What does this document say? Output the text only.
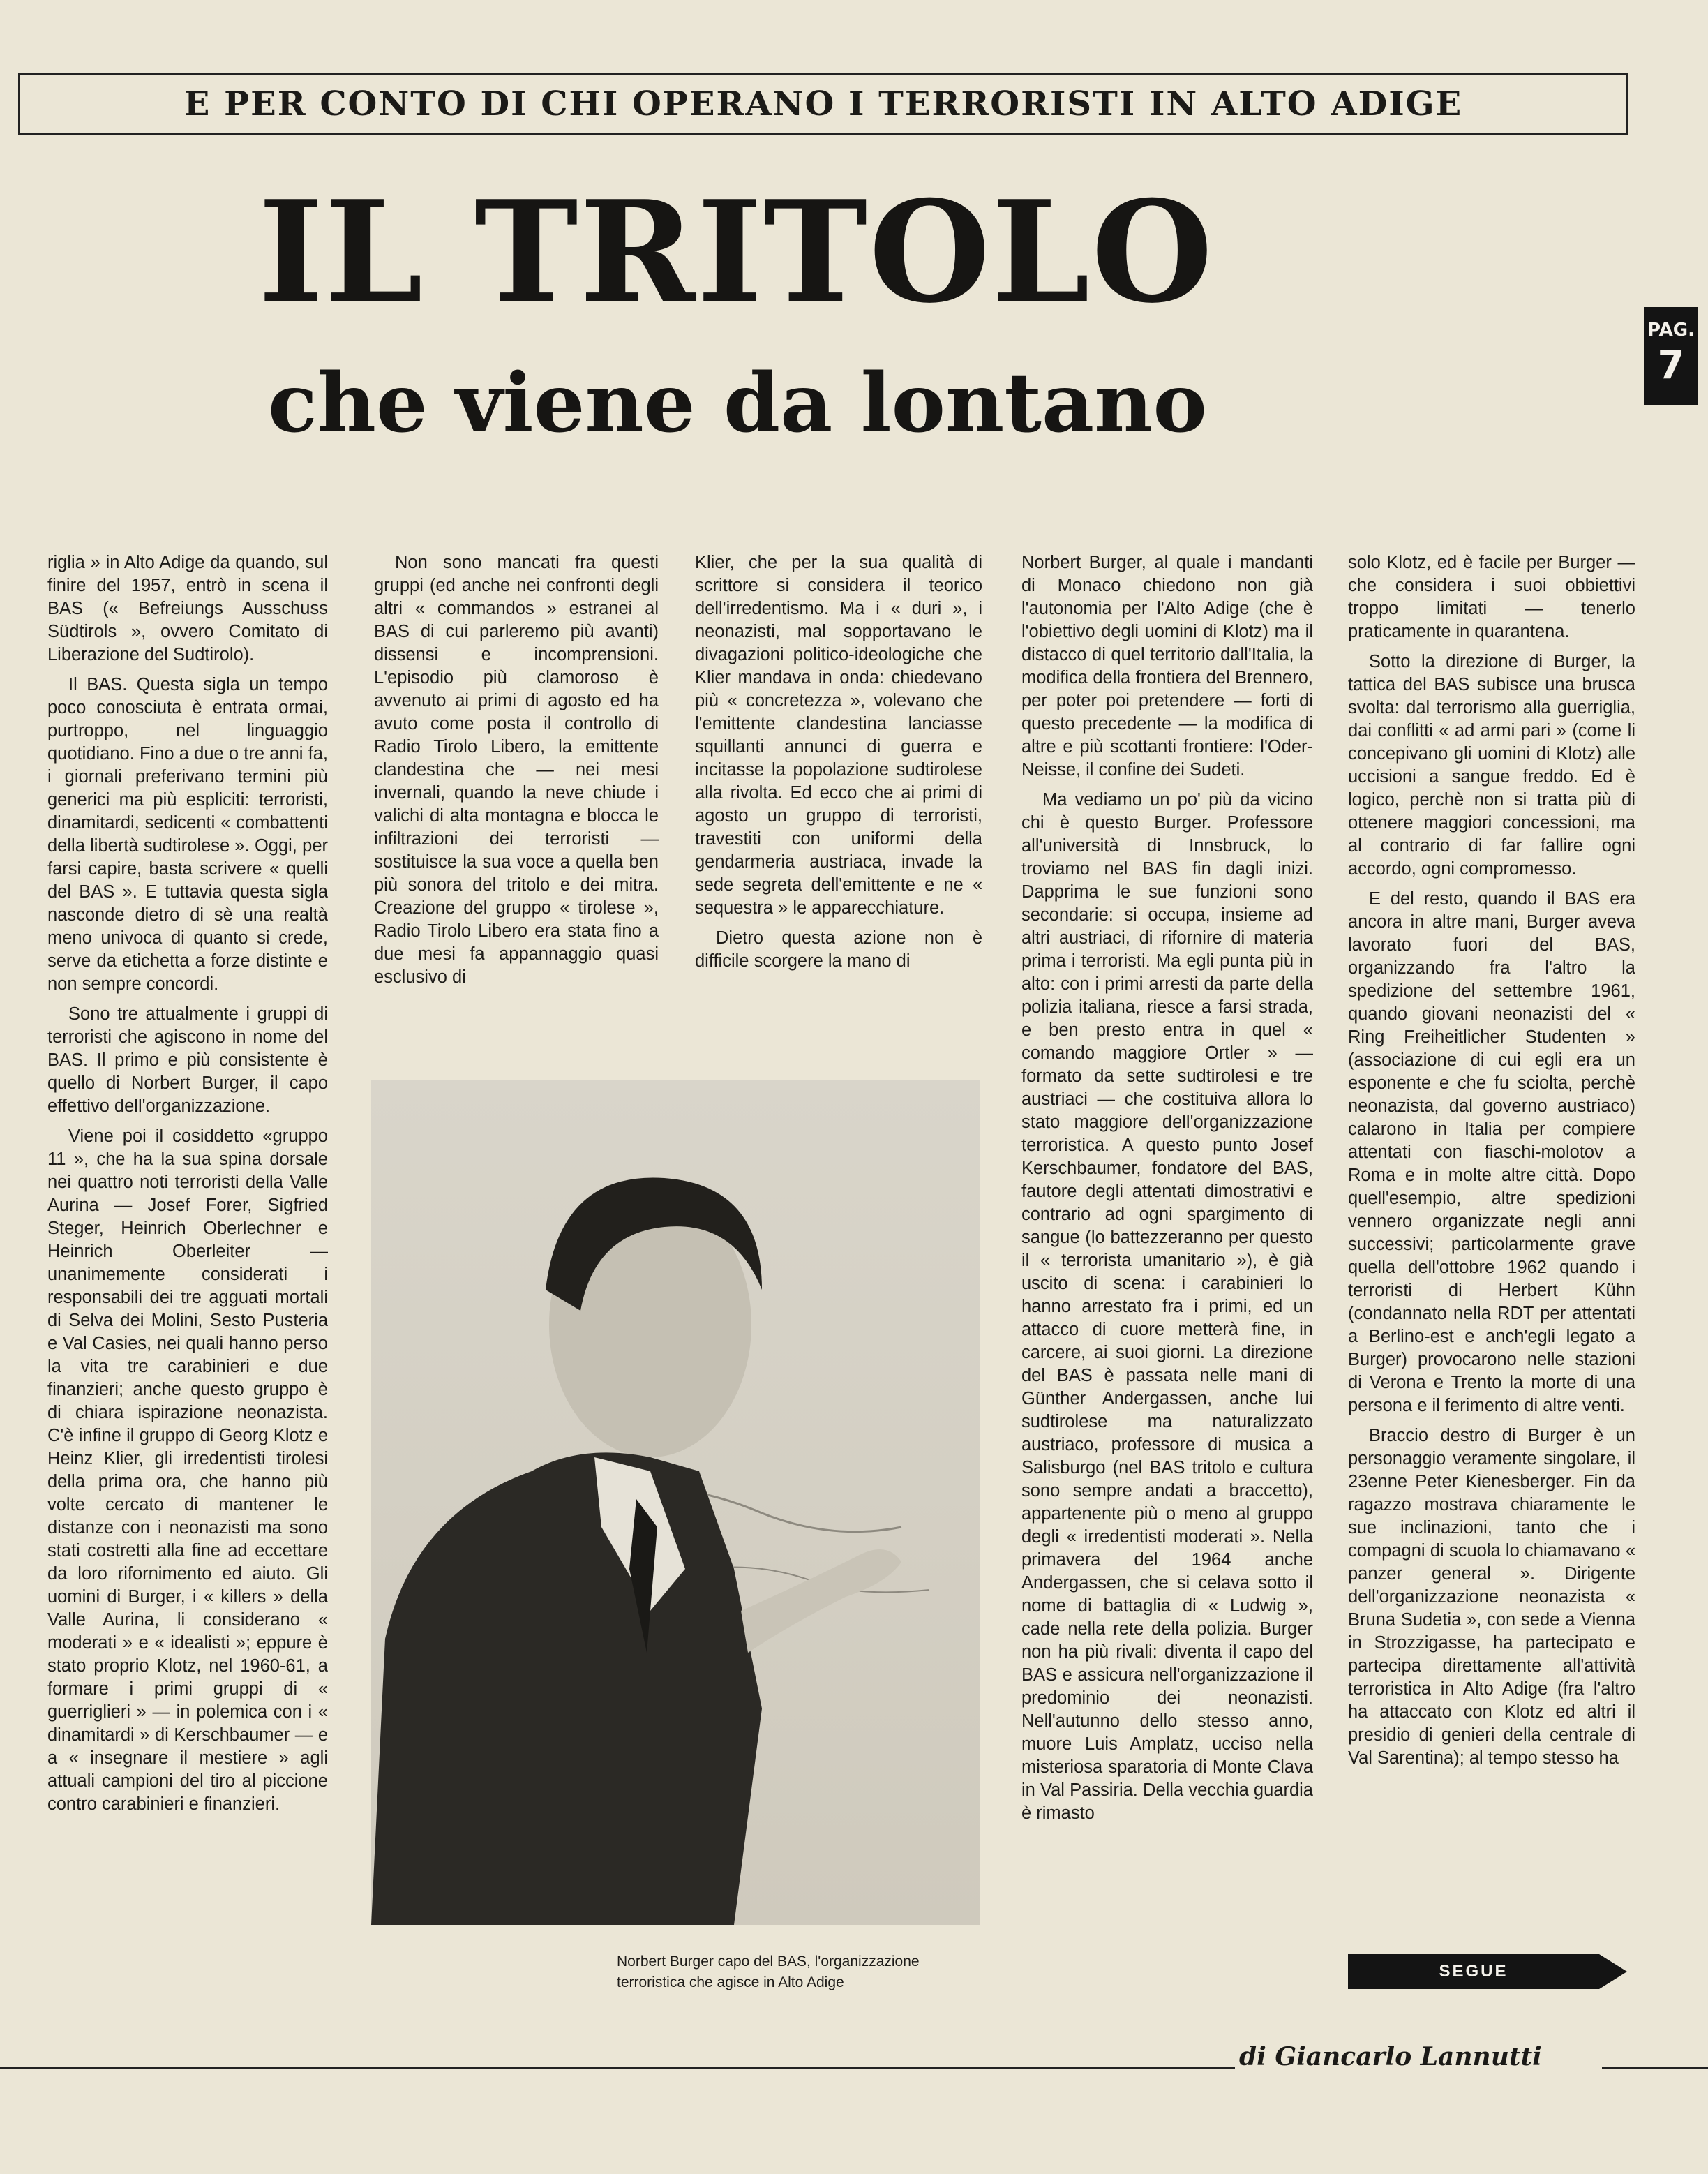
E PER CONTO DI CHI OPERANO I TERRORISTI IN ALTO ADIGE
PAG.
7
IL TRITOLO
che viene da lontano

riglia » in Alto Adige da quando, sul finire del 1957, entrò in scena il BAS (« Befreiungs Ausschuss Südtirols », ovvero Comitato di Liberazione del Sudtirolo).

Il BAS. Questa sigla un tempo poco conosciuta è entrata ormai, purtroppo, nel linguaggio quotidiano. Fino a due o tre anni fa, i giornali preferivano termini più generici ma più espliciti: terroristi, dinamitardi, sedicenti « combattenti della libertà sudtirolese ». Oggi, per farsi capire, basta scrivere « quelli del BAS ». E tuttavia questa sigla nasconde dietro di sè una realtà meno univoca di quanto si crede, serve da etichetta a forze distinte e non sempre concordi.

Sono tre attualmente i gruppi di terroristi che agiscono in nome del BAS. Il primo e più consistente è quello di Norbert Burger, il capo effettivo dell'organizzazione.

Viene poi il cosiddetto «gruppo 11 », che ha la sua spina dorsale nei quattro noti terroristi della Valle Aurina — Josef Forer, Sigfried Steger, Heinrich Oberlechner e Heinrich Oberleiter — unanimemente considerati i responsabili dei tre agguati mortali di Selva dei Molini, Sesto Pusteria e Val Casies, nei quali hanno perso la vita tre carabinieri e due finanzieri; anche questo gruppo è di chiara ispirazione neonazista. C'è infine il gruppo di Georg Klotz e Heinz Klier, gli irredentisti tirolesi della prima ora, che hanno più volte cercato di mantener le distanze con i neonazisti ma sono stati costretti alla fine ad eccettare da loro rifornimento ed aiuto. Gli uomini di Burger, i « killers » della Valle Aurina, li considerano « moderati » e « idealisti »; eppure è stato proprio Klotz, nel 1960-61, a formare i primi gruppi di « guerriglieri » — in polemica con i « dinamitardi » di Kerschbaumer — e a « insegnare il mestiere » agli attuali campioni del tiro al piccione contro carabinieri e finanzieri.

Non sono mancati fra questi gruppi (ed anche nei confronti degli altri « commandos » estranei al BAS di cui parleremo più avanti) dissensi e incomprensioni. L'episodio più clamoroso è avvenuto ai primi di agosto ed ha avuto come posta il controllo di Radio Tirolo Libero, la emittente clandestina che — nei mesi invernali, quando la neve chiude i valichi di alta montagna e blocca le infiltrazioni dei terroristi — sostituisce la sua voce a quella ben più sonora del tritolo e dei mitra. Creazione del gruppo « tirolese », Radio Tirolo Libero era stata fino a due mesi fa appannaggio quasi esclusivo di

Klier, che per la sua qualità di scrittore si considera il teorico dell'irredentismo. Ma i « duri », i neonazisti, mal sopportavano le divagazioni politico-ideologiche che Klier mandava in onda: chiedevano più « concretezza », volevano che l'emittente clandestina lanciasse squillanti annunci di guerra e incitasse la popolazione sudtirolese alla rivolta. Ed ecco che ai primi di agosto un gruppo di terroristi, travestiti con uniformi della gendarmeria austriaca, invade la sede segreta dell'emittente e ne « sequestra » le apparecchiature.

Dietro questa azione non è difficile scorgere la mano di

Norbert Burger, al quale i mandanti di Monaco chiedono non già l'autonomia per l'Alto Adige (che è l'obiettivo degli uomini di Klotz) ma il distacco di quel territorio dall'Italia, la modifica della frontiera del Brennero, per poter poi pretendere — forti di questo precedente — la modifica di altre e più scottanti frontiere: l'Oder-Neisse, il confine dei Sudeti.

Ma vediamo un po' più da vicino chi è questo Burger. Professore all'università di Innsbruck, lo troviamo nel BAS fin dagli inizi. Dapprima le sue funzioni sono secondarie: si occupa, insieme ad altri austriaci, di rifornire di materia prima i terroristi. Ma egli punta più in alto: con i primi arresti da parte della polizia italiana, riesce a farsi strada, e ben presto entra in quel « comando maggiore Ortler » — formato da sette sudtirolesi e tre austriaci — che costituiva allora lo stato maggiore dell'organizzazione terroristica. A questo punto Josef Kerschbaumer, fondatore del BAS, fautore degli attentati dimostrativi e contrario ad ogni spargimento di sangue (lo battezzeranno per questo il « terrorista umanitario »), è già uscito di scena: i carabinieri lo hanno arrestato fra i primi, ed un attacco di cuore metterà fine, in carcere, ai suoi giorni. La direzione del BAS è passata nelle mani di Günther Andergassen, anche lui sudtirolese ma naturalizzato austriaco, professore di musica a Salisburgo (nel BAS tritolo e cultura sono sempre andati a braccetto), appartenente più o meno al gruppo degli « irredentisti moderati ». Nella primavera del 1964 anche Andergassen, che si celava sotto il nome di battaglia di « Ludwig », cade nella rete della polizia. Burger non ha più rivali: diventa il capo del BAS e assicura nell'organizzazione il predominio dei neonazisti. Nell'autunno dello stesso anno, muore Luis Amplatz, ucciso nella misteriosa sparatoria di Monte Clava in Val Passiria. Della vecchia guardia è rimasto

solo Klotz, ed è facile per Burger — che considera i suoi obbiettivi troppo limitati — tenerlo praticamente in quarantena.

Sotto la direzione di Burger, la tattica del BAS subisce una brusca svolta: dal terrorismo alla guerriglia, dai conflitti « ad armi pari » (come li concepivano gli uomini di Klotz) alle uccisioni a sangue freddo. Ed è logico, perchè non si tratta più di ottenere maggiori concessioni, ma al contrario di far fallire ogni accordo, ogni compromesso.

E del resto, quando il BAS era ancora in altre mani, Burger aveva lavorato fuori del BAS, organizzando fra l'altro la spedizione del settembre 1961, quando giovani neonazisti del « Ring Freiheitlicher Studenten » (associazione di cui egli era un esponente e che fu sciolta, perchè neonazista, dal governo austriaco) calarono in Italia per compiere attentati con fiaschi-molotov a Roma e in molte altre città. Dopo quell'esempio, altre spedizioni vennero organizzate negli anni successivi; particolarmente grave quella dell'ottobre 1962 quando i terroristi di Herbert Kühn (condannato nella RDT per attentati a Berlino-est e anch'egli legato a Burger) provocarono nelle stazioni di Verona e Trento la morte di una persona e il ferimento di altre venti.

Braccio destro di Burger è un personaggio veramente singolare, il 23enne Peter Kienesberger. Fin da ragazzo mostrava chiaramente le sue inclinazioni, tanto che i compagni di scuola lo chiamavano « panzer general ». Dirigente dell'organizzazione neonazista « Bruna Sudetia », con sede a Vienna in Strozzigasse, ha partecipato e partecipa direttamente all'attività terroristica in Alto Adige (fra l'altro ha attaccato con Klotz ed altri il presidio di genieri della centrale di Val Sarentina); al tempo stesso ha

Norbert Burger capo del BAS, l'organizzazione terroristica che agisce in Alto Adige
SEGUE
di Giancarlo Lannutti
